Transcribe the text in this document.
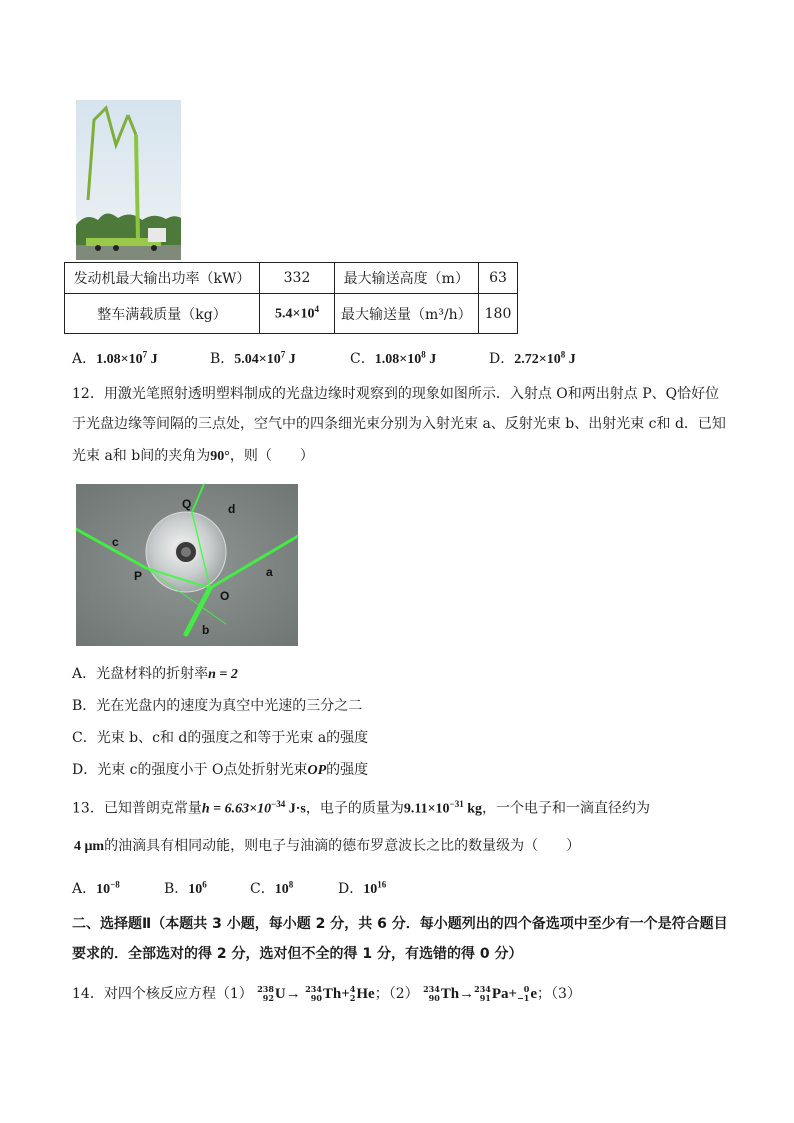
发动机最大输出功率（kW）	332	最大输送高度（m）	63
整车满载质量（kg）	$5.4\times 10^4$	最大输送量（m³/h）	180
A．$1.08\times 10^7$ J	B．$5.04\times 10^7$ J	C．$1.08\times 10^8$ J	D．$2.72\times 10^8$ J
12．用激光笔照射透明塑料制成的光盘边缘时观察到的现象如图所示．入射点 O和两出射点 P、Q恰好位
于光盘边缘等间隔的三点处，空气中的四条细光束分别为入射光束 a、反射光束 b、出射光束 c和 d．已知
光束 a和 b间的夹角为90°，则（　　）
Q	d
c
a
P
O
b
A．光盘材料的折射率n = 2
B．光在光盘内的速度为真空中光速的三分之二
C．光束 b、c和 d的强度之和等于光束 a的强度
D．光束 c的强度小于 O点处折射光束OP的强度
13．已知普朗克常量$h = 6.63\times 10^{-34}$ J·s，电子的质量为$9.11\times 10^{-31}$ kg，一个电子和一滴直径约为
4 μm的油滴具有相同动能，则电子与油滴的德布罗意波长之比的数量级为（　　）
A．$10^{-8}$	B．$10^6$	C．$10^8$	D．$10^{16}$
二、选择题Ⅱ（本题共 3 小题，每小题 2 分，共 6 分．每小题列出的四个备选项中至少有一个是符合题目
要求的．全部选对的得 2 分，选对但不全的得 1 分，有选错的得 0 分）
14．对四个核反应方程（1） 238
92U→ 234
90Th+4
2He；（2） 234
90Th→234
91Pa+ 0
−1e；（3）
